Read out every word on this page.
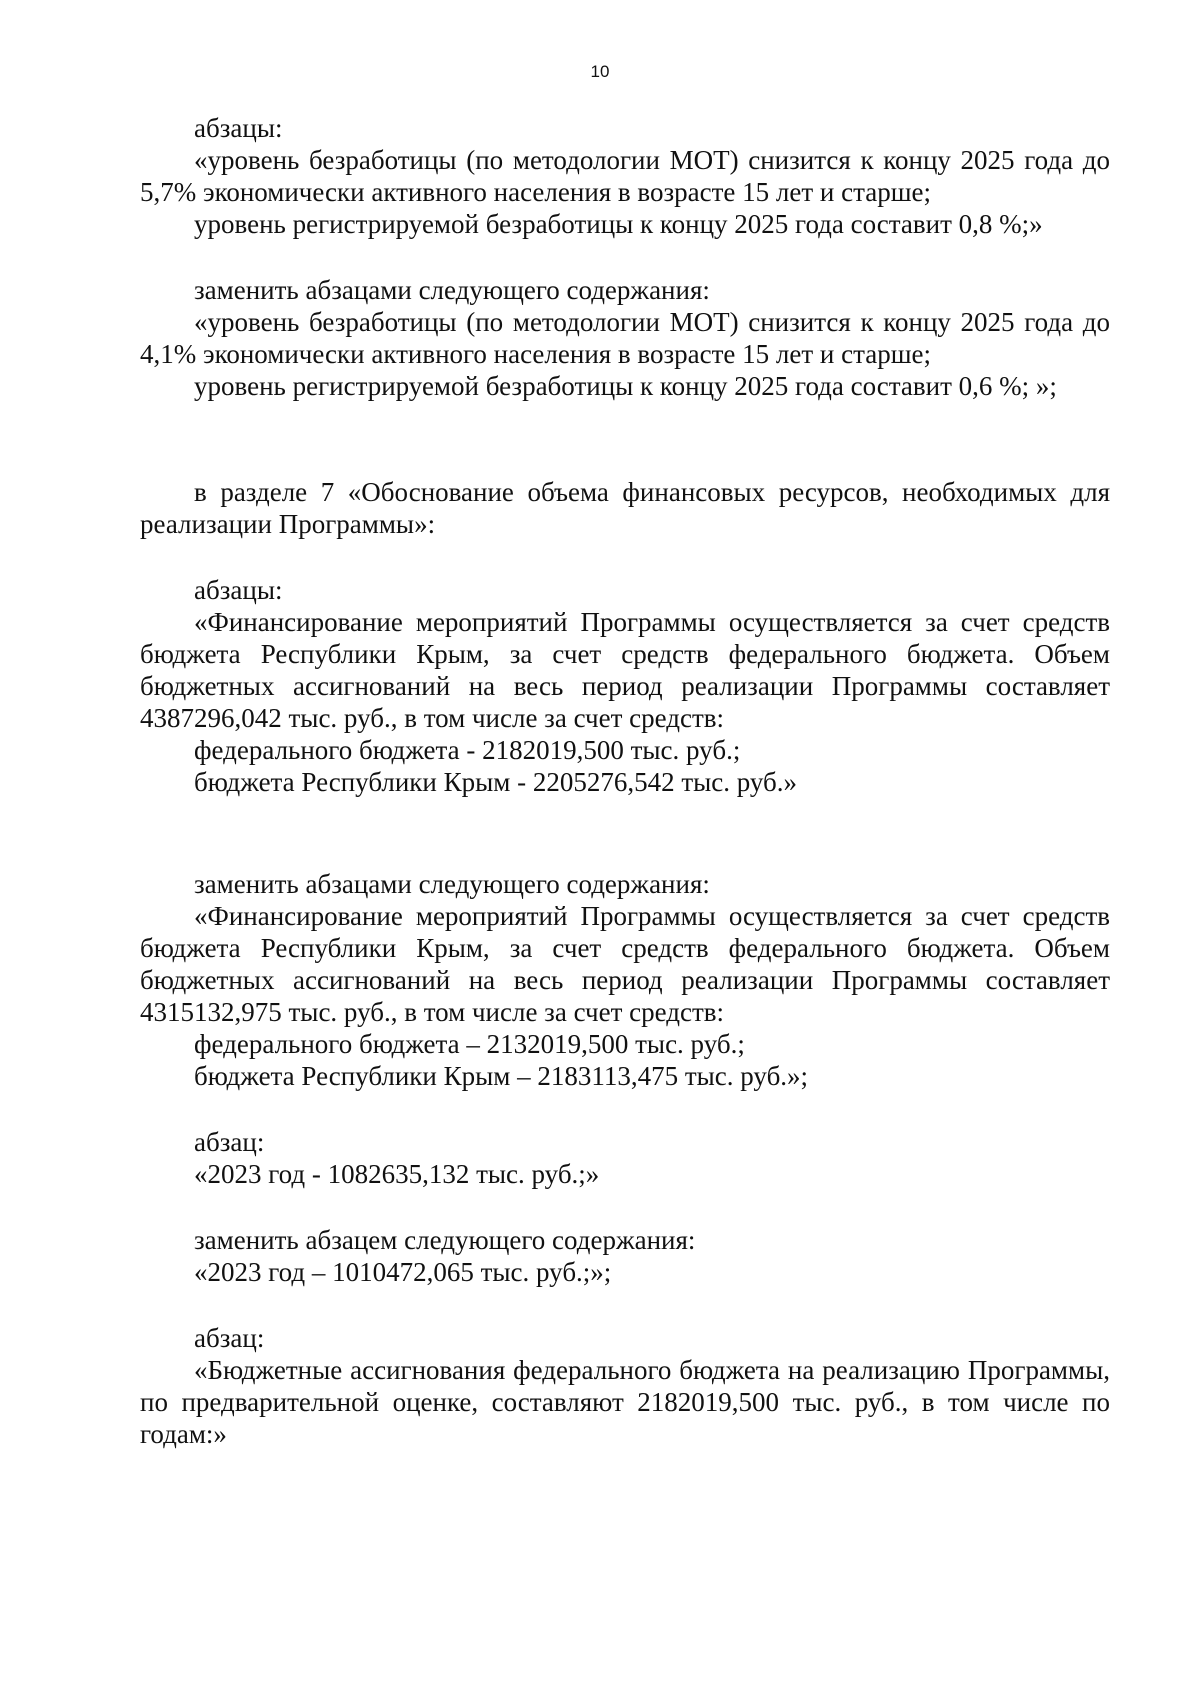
10

абзацы:

«уровень безработицы (по методологии МОТ) снизится к концу 2025 года до 5,7% экономически активного населения в возрасте 15 лет и старше;

уровень регистрируемой безработицы к концу 2025 года составит 0,8 %;»

заменить абзацами следующего содержания:

«уровень безработицы (по методологии МОТ) снизится к концу 2025 года до 4,1% экономически активного населения в возрасте 15 лет и старше;

уровень регистрируемой безработицы к концу 2025 года составит 0,6 %; »;

в разделе 7 «Обоснование объема финансовых ресурсов, необходимых для реализации Программы»:

абзацы:

«Финансирование мероприятий Программы осуществляется за счет средств бюджета Республики Крым, за счет средств федерального бюджета. Объем бюджетных ассигнований на весь период реализации Программы составляет 4387296,042 тыс. руб., в том числе за счет средств:

федерального бюджета - 2182019,500 тыс. руб.;

бюджета Республики Крым - 2205276,542 тыс. руб.»

заменить абзацами следующего содержания:

«Финансирование мероприятий Программы осуществляется за счет средств бюджета Республики Крым, за счет средств федерального бюджета. Объем бюджетных ассигнований на весь период реализации Программы составляет 4315132,975 тыс. руб., в том числе за счет средств:

федерального бюджета – 2132019,500 тыс. руб.;

бюджета Республики Крым – 2183113,475 тыс. руб.»;

абзац:

«2023 год - 1082635,132 тыс. руб.;»

заменить абзацем следующего содержания:

«2023 год – 1010472,065 тыс. руб.;»;

абзац:

«Бюджетные ассигнования федерального бюджета на реализацию Программы, по предварительной оценке, составляют 2182019,500 тыс. руб., в том числе по годам:»
